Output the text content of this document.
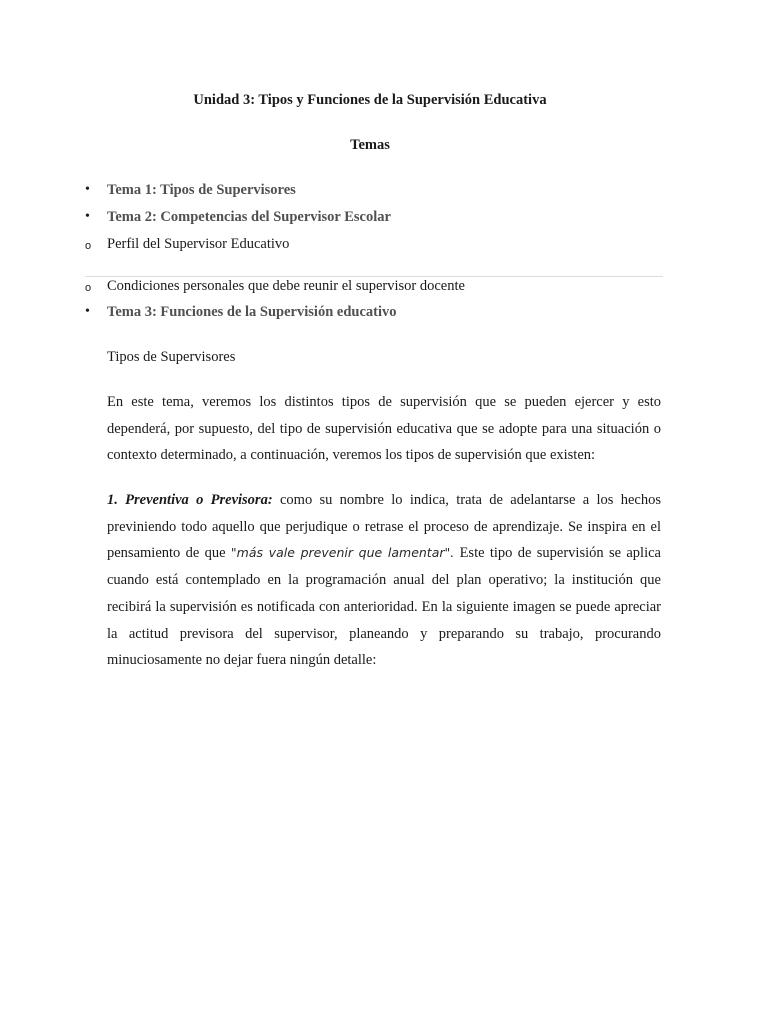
Unidad 3: Tipos y Funciones de la Supervisión Educativa
Temas
• Tema 1: Tipos de Supervisores
• Tema 2: Competencias del Supervisor Escolar
o Perfil del Supervisor Educativo
o Condiciones personales que debe reunir el supervisor docente
• Tema 3: Funciones de la Supervisión educativo
Tipos de Supervisores
En este tema, veremos los distintos tipos de supervisión que se pueden ejercer y esto dependerá, por supuesto, del tipo de supervisión educativa que se adopte para una situación o contexto determinado, a continuación, veremos los tipos de supervisión que existen:
1. Preventiva o Previsora: como su nombre lo indica, trata de adelantarse a los hechos previniendo todo aquello que perjudique o retrase el proceso de aprendizaje. Se inspira en el pensamiento de que "más vale prevenir que lamentar". Este tipo de supervisión se aplica cuando está contemplado en la programación anual del plan operativo; la institución que recibirá la supervisión es notificada con anterioridad. En la siguiente imagen se puede apreciar la actitud previsora del supervisor, planeando y preparando su trabajo, procurando minuciosamente no dejar fuera ningún detalle:
